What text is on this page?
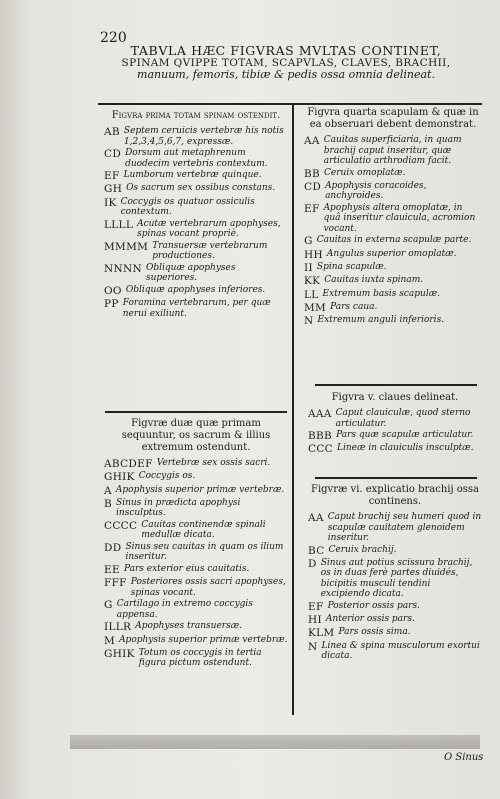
220
TABVLA HÆC FIGVRAS MVLTAS CONTINET,
SPINAM QVIPPE TOTAM, SCAPVLAS, CLAVES, BRACHII,
manuum, femoris, tibiæ & pedis ossa omnia delineat.
Figvra prima totam spinam ostendit.
AB Septem ceruicis vertebræ his notis 1,2,3,4,5,6,7, expressæ.
CD Dorsum aut metaphrenum duodecim vertebris contextum.
EF Lumborum vertebræ quinque.
GH Os sacrum sex ossibus constans.
IK Coccygis os quatuor ossiculis contextum.
LLLL Acutæ vertebrarum apophyses, spinas vocant propriè.
MMMM Transuersæ vertebrarum productiones.
NNNN Obliquæ apophyses superiores.
OO Obliquæ apophyses inferiores.
PP Foramina vertebrarum, per quæ nerui exiliunt.
Figvræ duæ quæ primam sequuntur, os sacrum & illius extremum ostendunt.
ABCDEF Vertebræ sex ossis sacri.
GHIK Coccygis os.
A Apophysis superior primæ vertebræ.
B Sinus in prædicta apophysi insculptus.
CCCC Cauitas continendæ spinali medullæ dicata.
DD Sinus seu cauitas in quam os ilium inseritur.
EE Pars exterior eius cauitatis.
FFF Posteriores ossis sacri apophyses, spinas vocant.
G Cartilago in extremo coccygis appensa.
ILLR Apophyses transuersæ.
M Apophysis superior primæ vertebræ.
GHIK Totum os coccygis in tertia figura pictum ostendunt.
Figvra quarta scapulam & quæ in ea obseruari debent demonstrat.
AA Cauitas superficiaria, in quam brachij caput inseritur, quæ articulatio arthrodiam facit.
BB Ceruix omoplatæ.
CD Apophysis coracoides, anchyroides.
EF Apophysis altera omoplatæ, in quâ inseritur clauicula, acromion vocant.
G Cauitas in externa scapulæ parte.
HH Angulus superior omoplatæ.
II Spina scapulæ.
KK Cauitas iuxta spinam.
LL Extremum basis scapulæ.
MM Pars caua.
N Extremum anguli inferioris.
Figvra v. claues delineat.
AAA Caput clauiculæ, quod sterno articulatur.
BBB Pars quæ scapulæ articulatur.
CCC Lineæ in clauiculis insculptæ.
Figvræ vi. explicatio brachij ossa continens.
AA Caput brachij seu humeri quod in scapulæ cauitatem glenoidem inseritur.
BC Ceruix brachij.
D Sinus aut potius scissura brachij, os in duas ferè partes diuidés, bicipitis musculi tendini excipiendo dicata.
EF Posterior ossis pars.
HI Anterior ossis pars.
KLM Pars ossis sima.
N Linea & spina musculorum exortui dicata.
O Sinus
